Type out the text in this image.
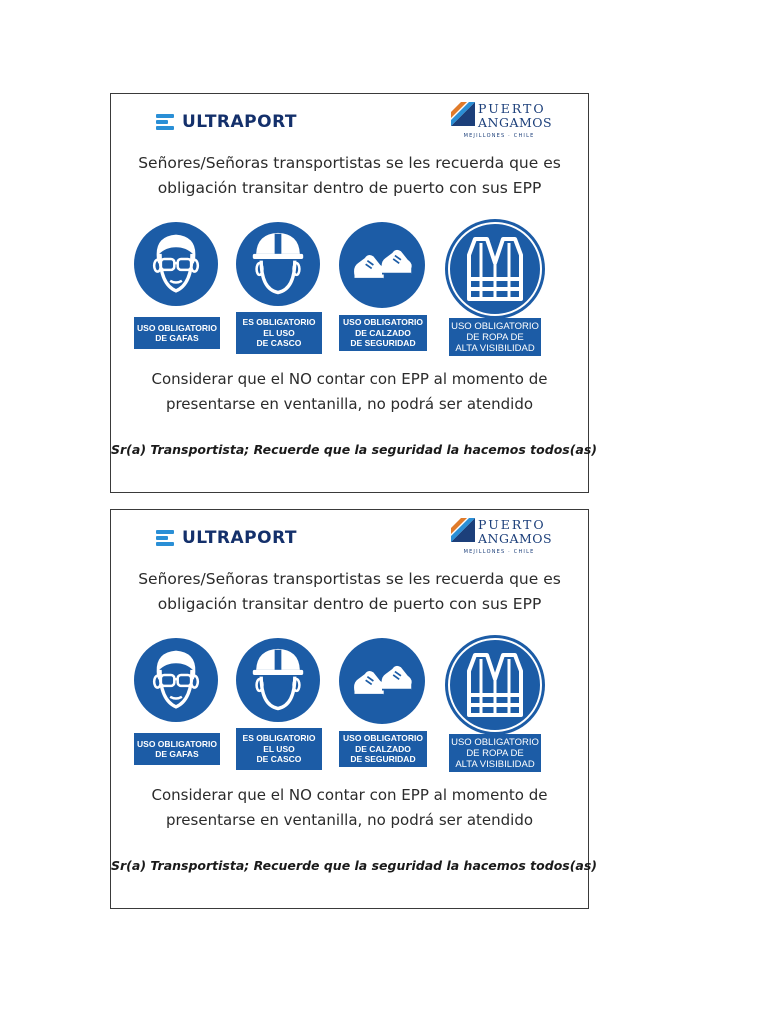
ULTRAPORT
PUERTO
ANGAMOS
MEJILLONES · CHILE
Señores/Señoras transportistas se les recuerda que es
obligación transitar dentro de puerto con sus EPP
USO OBLIGATORIO
DE GAFAS
ES OBLIGATORIO
EL USO
DE CASCO
USO OBLIGATORIO
DE CALZADO
DE SEGURIDAD
USO OBLIGATORIO
DE ROPA DE
ALTA VISIBILIDAD

Considerar que el NO contar con EPP al momento de
presentarse en ventanilla, no podrá ser atendido

Sr(a) Transportista; Recuerde que la seguridad la hacemos todos(as)
ULTRAPORT
PUERTO
ANGAMOS
MEJILLONES · CHILE
Señores/Señoras transportistas se les recuerda que es
obligación transitar dentro de puerto con sus EPP
USO OBLIGATORIO
DE GAFAS
ES OBLIGATORIO
EL USO
DE CASCO
USO OBLIGATORIO
DE CALZADO
DE SEGURIDAD
USO OBLIGATORIO
DE ROPA DE
ALTA VISIBILIDAD

Considerar que el NO contar con EPP al momento de
presentarse en ventanilla, no podrá ser atendido

Sr(a) Transportista; Recuerde que la seguridad la hacemos todos(as)
